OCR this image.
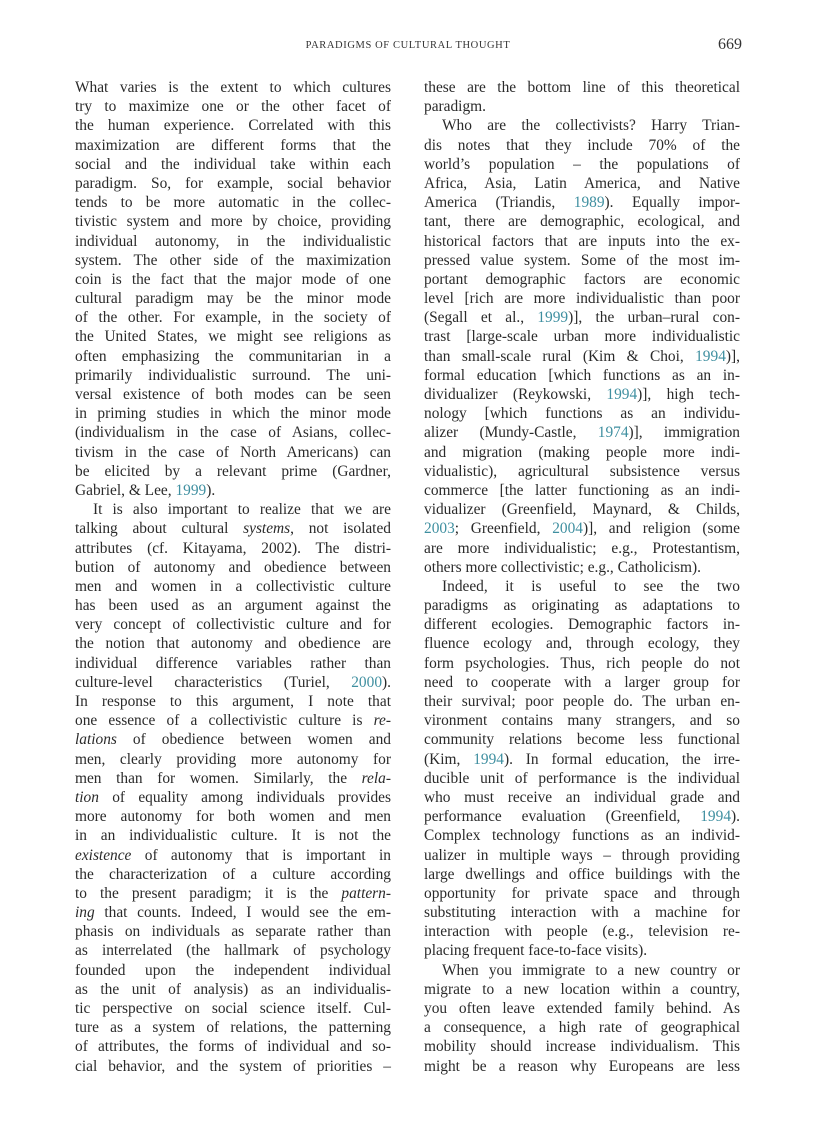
PARADIGMS OF CULTURAL THOUGHT	669
What varies is the extent to which cultures
try to maximize one or the other facet of
the human experience. Correlated with this
maximization are different forms that the
social and the individual take within each
paradigm. So, for example, social behavior
tends to be more automatic in the collec-
tivistic system and more by choice, providing
individual autonomy, in the individualistic
system. The other side of the maximization
coin is the fact that the major mode of one
cultural paradigm may be the minor mode
of the other. For example, in the society of
the United States, we might see religions as
often emphasizing the communitarian in a
primarily individualistic surround. The uni-
versal existence of both modes can be seen
in priming studies in which the minor mode
(individualism in the case of Asians, collec-
tivism in the case of North Americans) can
be elicited by a relevant prime (Gardner,
Gabriel, & Lee, 1999).
It is also important to realize that we are
talking about cultural systems, not isolated
attributes (cf. Kitayama, 2002). The distri-
bution of autonomy and obedience between
men and women in a collectivistic culture
has been used as an argument against the
very concept of collectivistic culture and for
the notion that autonomy and obedience are
individual difference variables rather than
culture-level characteristics (Turiel, 2000).
In response to this argument, I note that
one essence of a collectivistic culture is re-
lations of obedience between women and
men, clearly providing more autonomy for
men than for women. Similarly, the rela-
tion of equality among individuals provides
more autonomy for both women and men
in an individualistic culture. It is not the
existence of autonomy that is important in
the characterization of a culture according
to the present paradigm; it is the pattern-
ing that counts. Indeed, I would see the em-
phasis on individuals as separate rather than
as interrelated (the hallmark of psychology
founded upon the independent individual
as the unit of analysis) as an individualis-
tic perspective on social science itself. Cul-
ture as a system of relations, the patterning
of attributes, the forms of individual and so-
cial behavior, and the system of priorities –
these are the bottom line of this theoretical
paradigm.
Who are the collectivists? Harry Trian-
dis notes that they include 70% of the
world’s population – the populations of
Africa, Asia, Latin America, and Native
America (Triandis, 1989). Equally impor-
tant, there are demographic, ecological, and
historical factors that are inputs into the ex-
pressed value system. Some of the most im-
portant demographic factors are economic
level [rich are more individualistic than poor
(Segall et al., 1999)], the urban–rural con-
trast [large-scale urban more individualistic
than small-scale rural (Kim & Choi, 1994)],
formal education [which functions as an in-
dividualizer (Reykowski, 1994)], high tech-
nology [which functions as an individu-
alizer (Mundy-Castle, 1974)], immigration
and migration (making people more indi-
vidualistic), agricultural subsistence versus
commerce [the latter functioning as an indi-
vidualizer (Greenfield, Maynard, & Childs,
2003; Greenfield, 2004)], and religion (some
are more individualistic; e.g., Protestantism,
others more collectivistic; e.g., Catholicism).
Indeed, it is useful to see the two
paradigms as originating as adaptations to
different ecologies. Demographic factors in-
fluence ecology and, through ecology, they
form psychologies. Thus, rich people do not
need to cooperate with a larger group for
their survival; poor people do. The urban en-
vironment contains many strangers, and so
community relations become less functional
(Kim, 1994). In formal education, the irre-
ducible unit of performance is the individual
who must receive an individual grade and
performance evaluation (Greenfield, 1994).
Complex technology functions as an individ-
ualizer in multiple ways – through providing
large dwellings and office buildings with the
opportunity for private space and through
substituting interaction with a machine for
interaction with people (e.g., television re-
placing frequent face-to-face visits).
When you immigrate to a new country or
migrate to a new location within a country,
you often leave extended family behind. As
a consequence, a high rate of geographical
mobility should increase individualism. This
might be a reason why Europeans are less
